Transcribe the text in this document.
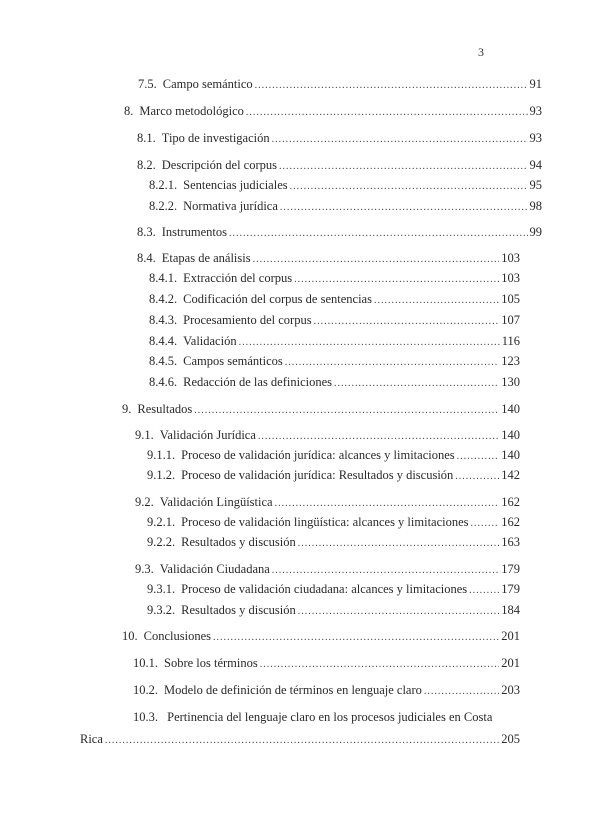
3
7.5. Campo semántico .....	91
8. Marco metodológico .....	93
8.1. Tipo de investigación .....	93
8.2. Descripción del corpus .....	94
8.2.1. Sentencias judiciales .....	95
8.2.2. Normativa jurídica .....	98
8.3. Instrumentos .....	99
8.4. Etapas de análisis .....	103
8.4.1. Extracción del corpus .....	103
8.4.2. Codificación del corpus de sentencias .....	105
8.4.3. Procesamiento del corpus .....	107
8.4.4. Validación .....	116
8.4.5. Campos semánticos .....	123
8.4.6. Redacción de las definiciones .....	130
9. Resultados .....	140
9.1. Validación Jurídica .....	140
9.1.1. Proceso de validación jurídica: alcances y limitaciones .....	140
9.1.2. Proceso de validación jurídica: Resultados y discusión .....	142
9.2. Validación Lingüística .....	162
9.2.1. Proceso de validación lingüística: alcances y limitaciones .....	162
9.2.2. Resultados y discusión .....	163
9.3. Validación Ciudadana .....	179
9.3.1. Proceso de validación ciudadana: alcances y limitaciones .....	179
9.3.2. Resultados y discusión .....	184
10. Conclusiones .....	201
10.1. Sobre los términos .....	201
10.2. Modelo de definición de términos en lenguaje claro .....	203
10.3. Pertinencia del lenguaje claro en los procesos judiciales en Costa
Rica .....	205
